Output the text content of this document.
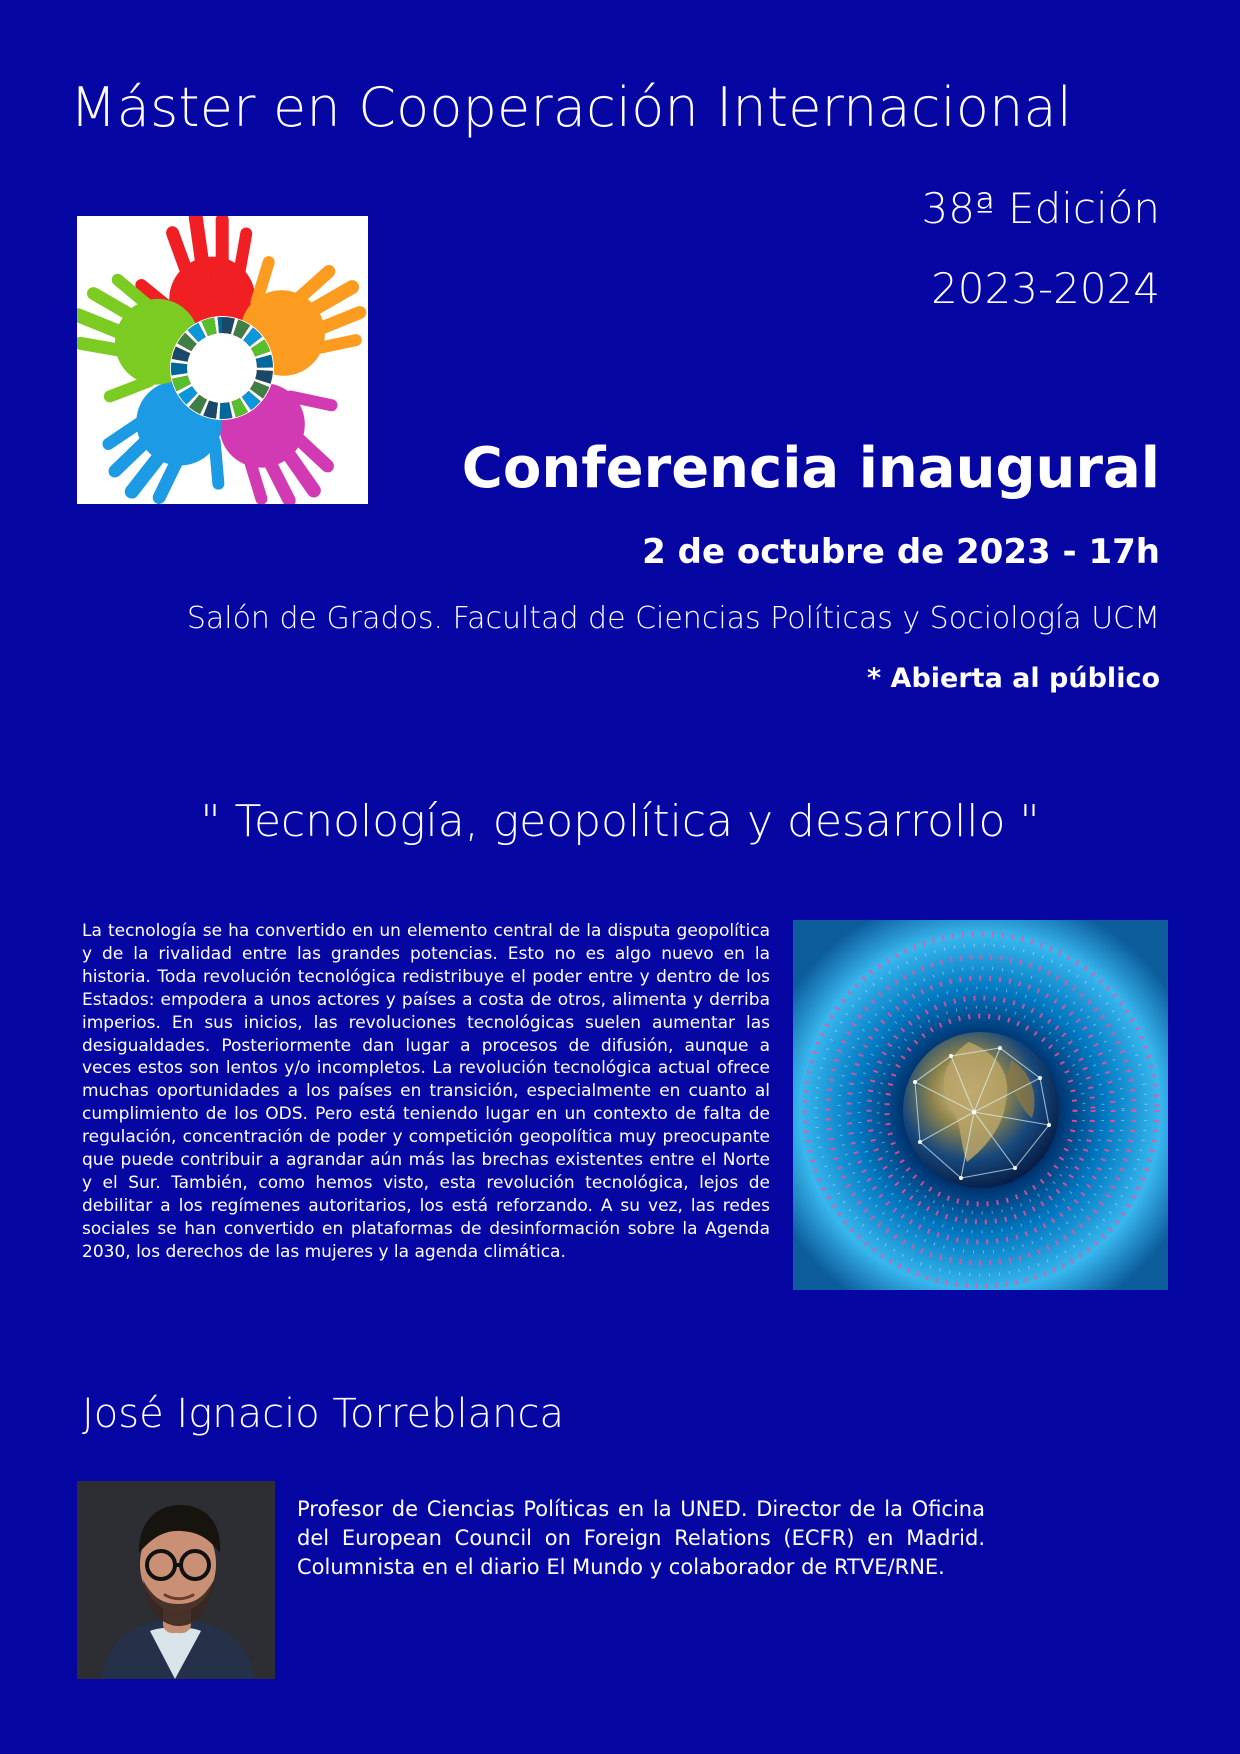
Máster en Cooperación Internacional
38ª Edición
2023-2024
Conferencia inaugural
2 de octubre de 2023 - 17h
Salón de Grados. Facultad de Ciencias Políticas y Sociología UCM
* Abierta al público
" Tecnología, geopolítica y desarrollo "
La tecnología se ha convertido en un elemento central de la disputa geopolítica y de la rivalidad entre las grandes potencias. Esto no es algo nuevo en la historia. Toda revolución tecnológica redistribuye el poder entre y dentro de los Estados: empodera a unos actores y países a costa de otros, alimenta y derriba imperios. En sus inicios, las revoluciones tecnológicas suelen aumentar las desigualdades. Posteriormente dan lugar a procesos de difusión, aunque a veces estos son lentos y/o incompletos. La revolución tecnológica actual ofrece muchas oportunidades a los países en transición, especialmente en cuanto al cumplimiento de los ODS. Pero está teniendo lugar en un contexto de falta de regulación, concentración de poder y competición geopolítica muy preocupante que puede contribuir a agrandar aún más las brechas existentes entre el Norte y el Sur. También, como hemos visto, esta revolución tecnológica, lejos de debilitar a los regímenes autoritarios, los está reforzando. A su vez, las redes sociales se han convertido en plataformas de desinformación sobre la Agenda 2030, los derechos de las mujeres y la agenda climática.
José Ignacio Torreblanca
Profesor de Ciencias Políticas en la UNED. Director de la Oficina del European Council on Foreign Relations (ECFR) en Madrid. Columnista en el diario El Mundo y colaborador de RTVE/RNE.
